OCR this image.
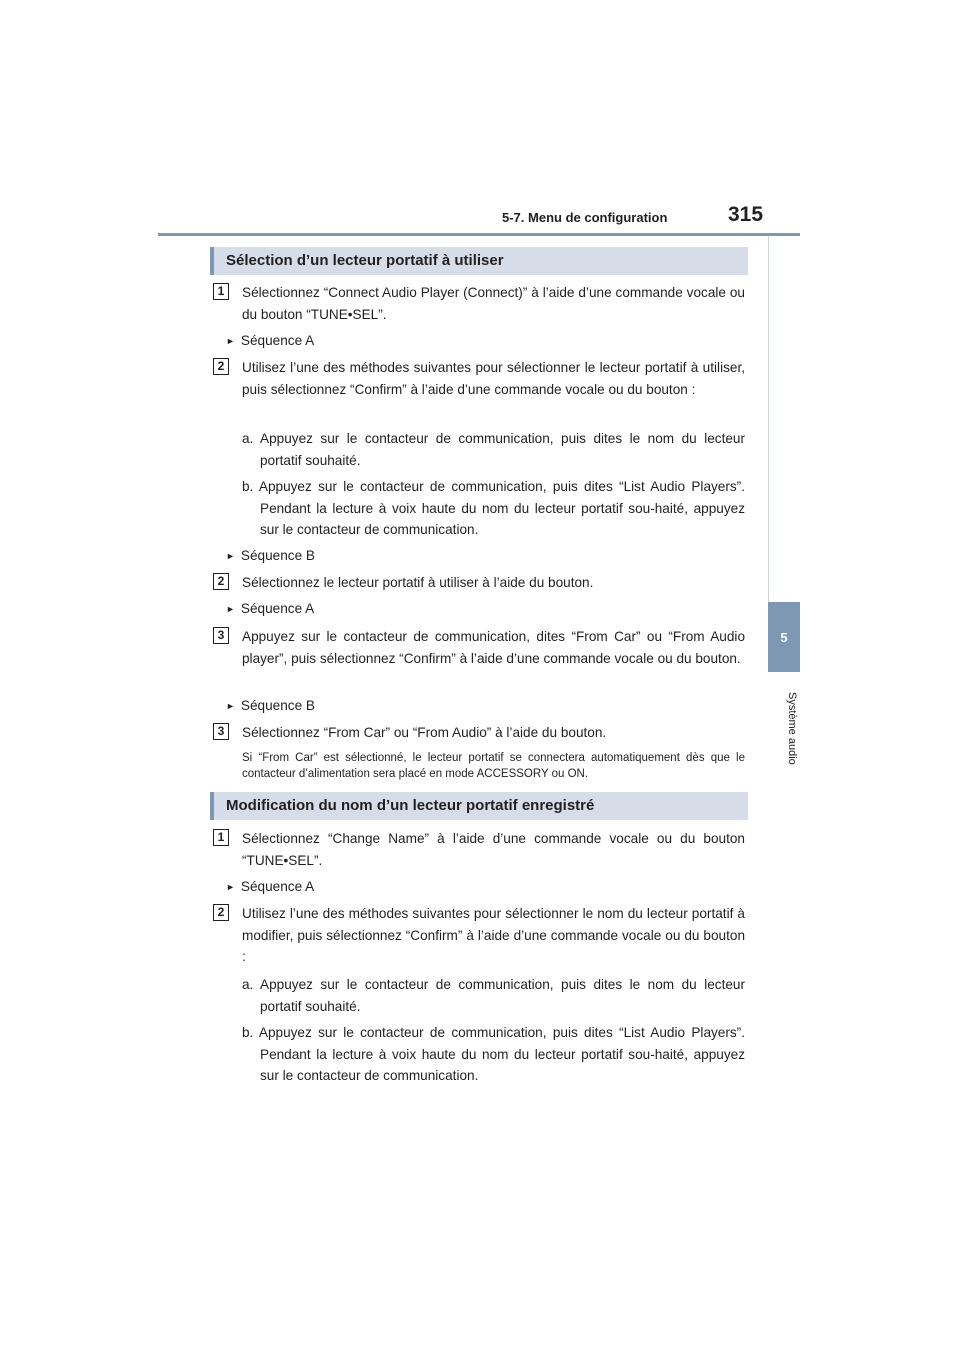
5-7. Menu de configuration	315
5
Système audio
Sélection d’un lecteur portatif à utiliser
1	Sélectionnez “Connect Audio Player (Connect)” à l’aide d’une commande vocale ou du bouton “TUNE•SEL”.
► Séquence A
2	Utilisez l’une des méthodes suivantes pour sélectionner le lecteur portatif à utiliser, puis sélectionnez “Confirm” à l’aide d’une commande vocale ou du bouton :
a. Appuyez sur le contacteur de communication, puis dites le nom du lecteur portatif souhaité.
b. Appuyez sur le contacteur de communication, puis dites “List Audio Players”. Pendant la lecture à voix haute du nom du lecteur portatif sou-haité, appuyez sur le contacteur de communication.
► Séquence B
2	Sélectionnez le lecteur portatif à utiliser à l’aide du bouton.
► Séquence A
3	Appuyez sur le contacteur de communication, dites “From Car” ou “From Audio player”, puis sélectionnez “Confirm” à l’aide d’une commande vocale ou du bouton.
► Séquence B
3	Sélectionnez “From Car” ou “From Audio” à l’aide du bouton.
Si “From Car” est sélectionné, le lecteur portatif se connectera automatiquement dès que le contacteur d’alimentation sera placé en mode ACCESSORY ou ON.
Modification du nom d’un lecteur portatif enregistré
1	Sélectionnez “Change Name” à l’aide d’une commande vocale ou du bouton “TUNE•SEL”.
► Séquence A
2	Utilisez l’une des méthodes suivantes pour sélectionner le nom du lecteur portatif à modifier, puis sélectionnez “Confirm” à l’aide d’une commande vocale ou du bouton :
a. Appuyez sur le contacteur de communication, puis dites le nom du lecteur portatif souhaité.
b. Appuyez sur le contacteur de communication, puis dites “List Audio Players”. Pendant la lecture à voix haute du nom du lecteur portatif sou-haité, appuyez sur le contacteur de communication.
